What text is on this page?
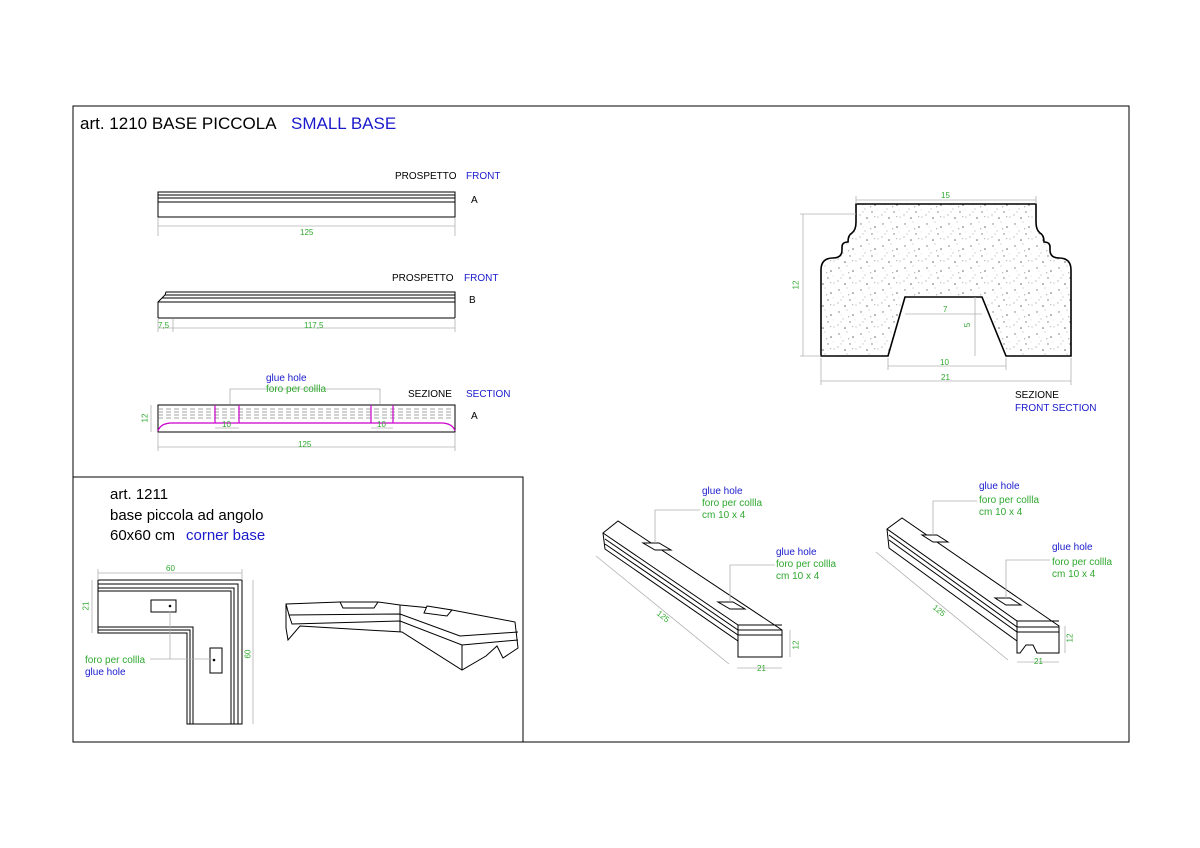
art. 1210 BASE PICCOLA SMALL BASE
PROSPETTO FRONT
A
125
PROSPETTO FRONT
B
7,5	117,5
glue hole
foro per collla	SEZIONE SECTION
A
12
10	10
125
15
12
7
5
10
21
SEZIONE
FRONT SECTION
art. 1211
base piccola ad angolo
60x60 cm corner base
60
21
60
foro per collla
glue hole
glue hole
foro per collla
cm 10 x 4
glue hole
foro per collla
cm 10 x 4
125
21
12
glue hole
foro per collla
cm 10 x 4
glue hole
foro per collla
cm 10 x 4
125
21
12
